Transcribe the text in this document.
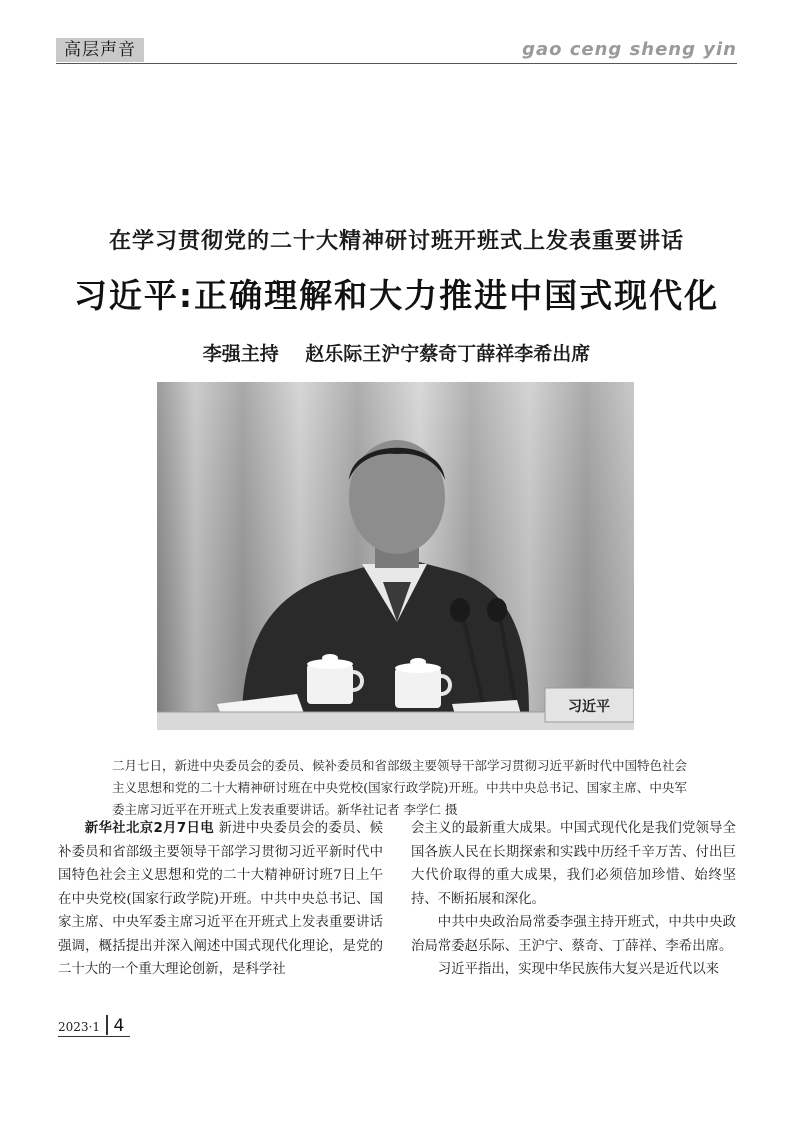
高层声音	gao ceng sheng yin
在学习贯彻党的二十大精神研讨班开班式上发表重要讲话
习近平:正确理解和大力推进中国式现代化
李强主持    赵乐际王沪宁蔡奇丁薛祥李希出席
习近平

二月七日，新进中央委员会的委员、候补委员和省部级主要领导干部学习贯彻习近平新时代中国特色社会主义思想和党的二十大精神研讨班在中央党校(国家行政学院)开班。中共中央总书记、国家主席、中央军委主席习近平在开班式上发表重要讲话。新华社记者 李学仁 摄

新华社北京2月7日电 新进中央委员会的委员、候补委员和省部级主要领导干部学习贯彻习近平新时代中国特色社会主义思想和党的二十大精神研讨班7日上午在中央党校(国家行政学院)开班。中共中央总书记、国家主席、中央军委主席习近平在开班式上发表重要讲话强调，概括提出并深入阐述中国式现代化理论，是党的二十大的一个重大理论创新，是科学社

会主义的最新重大成果。中国式现代化是我们党领导全国各族人民在长期探索和实践中历经千辛万苦、付出巨大代价取得的重大成果，我们必须倍加珍惜、始终坚持、不断拓展和深化。

中共中央政治局常委李强主持开班式，中共中央政治局常委赵乐际、王沪宁、蔡奇、丁薛祥、李希出席。

习近平指出，实现中华民族伟大复兴是近代以来

2023·1 4
